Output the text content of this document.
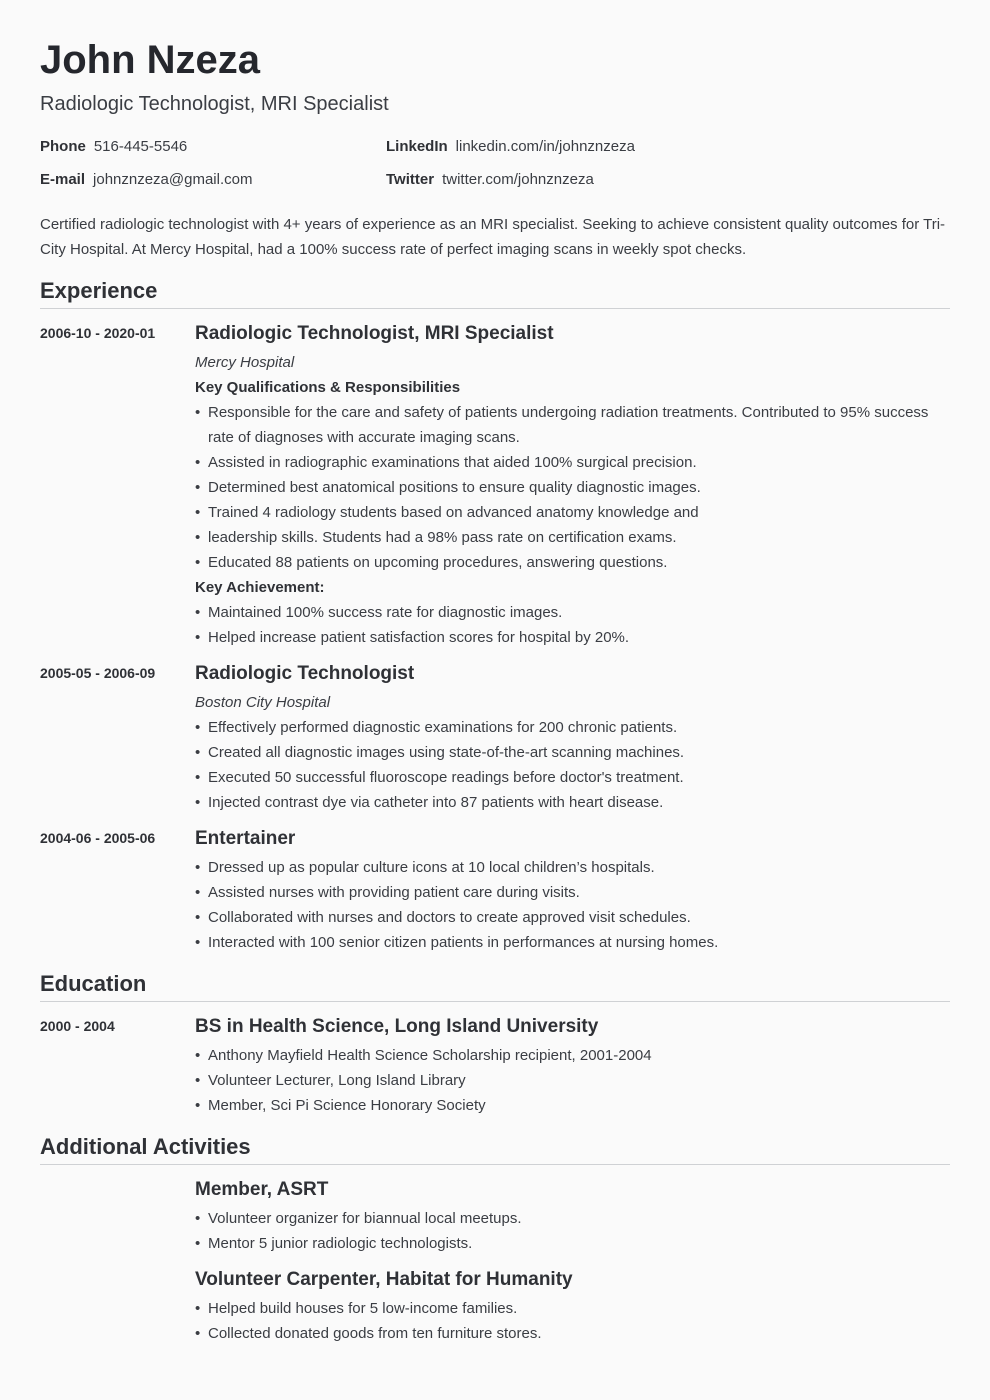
John Nzeza
Radiologic Technologist, MRI Specialist
Phone 516-445-5546	LinkedIn linkedin.com/in/johnznzeza
E-mail johnznzeza@gmail.com	Twitter twitter.com/johnznzeza
Certified radiologic technologist with 4+ years of experience as an MRI specialist. Seeking to achieve consistent quality outcomes for Tri-City Hospital. At Mercy Hospital, had a 100% success rate of perfect imaging scans in weekly spot checks.
Experience
2006-10 - 2020-01 Radiologic Technologist, MRI Specialist
Mercy Hospital
Key Qualifications & Responsibilities
• Responsible for the care and safety of patients undergoing radiation treatments. Contributed to 95% success rate of diagnoses with accurate imaging scans.
• Assisted in radiographic examinations that aided 100% surgical precision.
• Determined best anatomical positions to ensure quality diagnostic images.
• Trained 4 radiology students based on advanced anatomy knowledge and
• leadership skills. Students had a 98% pass rate on certification exams.
• Educated 88 patients on upcoming procedures, answering questions.
Key Achievement:
• Maintained 100% success rate for diagnostic images.
• Helped increase patient satisfaction scores for hospital by 20%.
2005-05 - 2006-09 Radiologic Technologist
Boston City Hospital
• Effectively performed diagnostic examinations for 200 chronic patients.
• Created all diagnostic images using state-of-the-art scanning machines.
• Executed 50 successful fluoroscope readings before doctor's treatment.
• Injected contrast dye via catheter into 87 patients with heart disease.
2004-06 - 2005-06 Entertainer
• Dressed up as popular culture icons at 10 local children’s hospitals.
• Assisted nurses with providing patient care during visits.
• Collaborated with nurses and doctors to create approved visit schedules.
• Interacted with 100 senior citizen patients in performances at nursing homes.
Education
2000 - 2004	BS in Health Science, Long Island University
• Anthony Mayfield Health Science Scholarship recipient, 2001-2004
• Volunteer Lecturer, Long Island Library
• Member, Sci Pi Science Honorary Society
Additional Activities
Member, ASRT
• Volunteer organizer for biannual local meetups.
• Mentor 5 junior radiologic technologists.
Volunteer Carpenter, Habitat for Humanity
• Helped build houses for 5 low-income families.
• Collected donated goods from ten furniture stores.
